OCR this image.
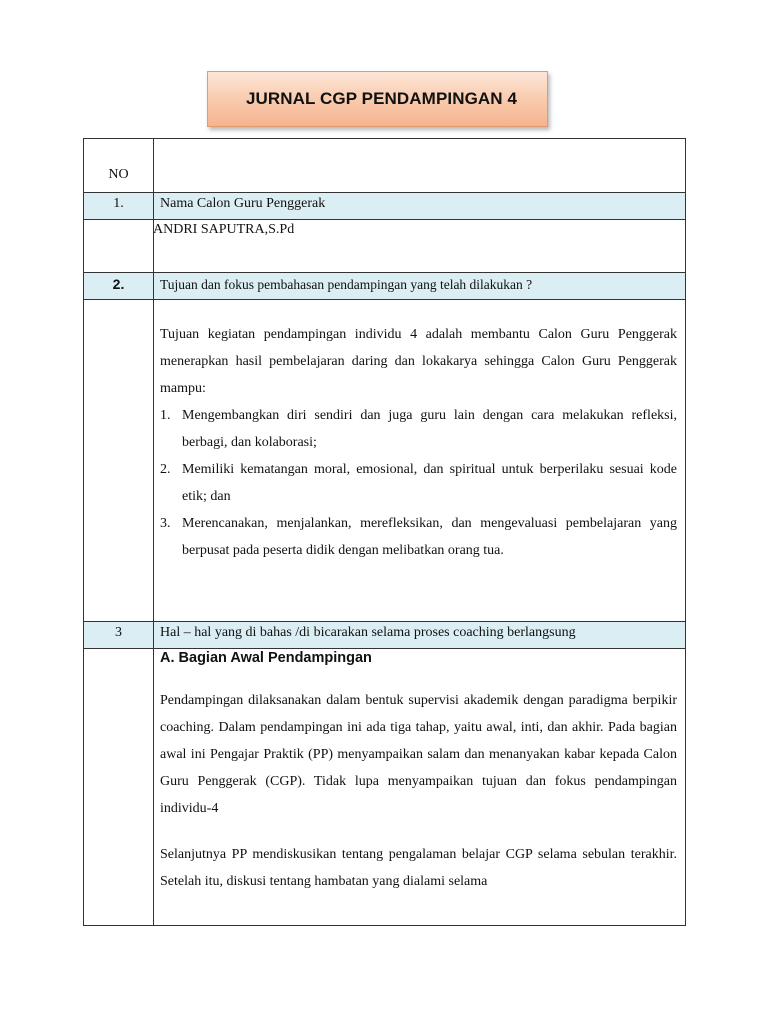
JURNAL CGP PENDAMPINGAN 4
NO
1.	Nama Calon Guru Penggerak
ANDRI SAPUTRA,S.Pd
2.	Tujuan dan fokus pembahasan pendampingan yang telah dilakukan ?
Tujuan kegiatan pendampingan individu 4 adalah membantu Calon Guru Penggerak menerapkan hasil pembelajaran daring dan lokakarya sehingga Calon Guru Penggerak mampu:
1. Mengembangkan diri sendiri dan juga guru lain dengan cara melakukan refleksi, berbagi, dan kolaborasi;
2. Memiliki kematangan moral, emosional, dan spiritual untuk berperilaku sesuai kode etik; dan
3. Merencanakan, menjalankan, merefleksikan, dan mengevaluasi pembelajaran yang berpusat pada peserta didik dengan melibatkan orang tua.
3	Hal – hal yang di bahas /di bicarakan selama proses coaching berlangsung
A. Bagian Awal Pendampingan
Pendampingan dilaksanakan dalam bentuk supervisi akademik dengan paradigma berpikir coaching. Dalam pendampingan ini ada tiga tahap, yaitu awal, inti, dan akhir. Pada bagian awal ini Pengajar Praktik (PP) menyampaikan salam dan menanyakan kabar kepada Calon Guru Penggerak (CGP). Tidak lupa menyampaikan tujuan dan fokus pendampingan individu-4
Selanjutnya PP mendiskusikan tentang pengalaman belajar CGP selama sebulan terakhir. Setelah itu, diskusi tentang hambatan yang dialami selama
